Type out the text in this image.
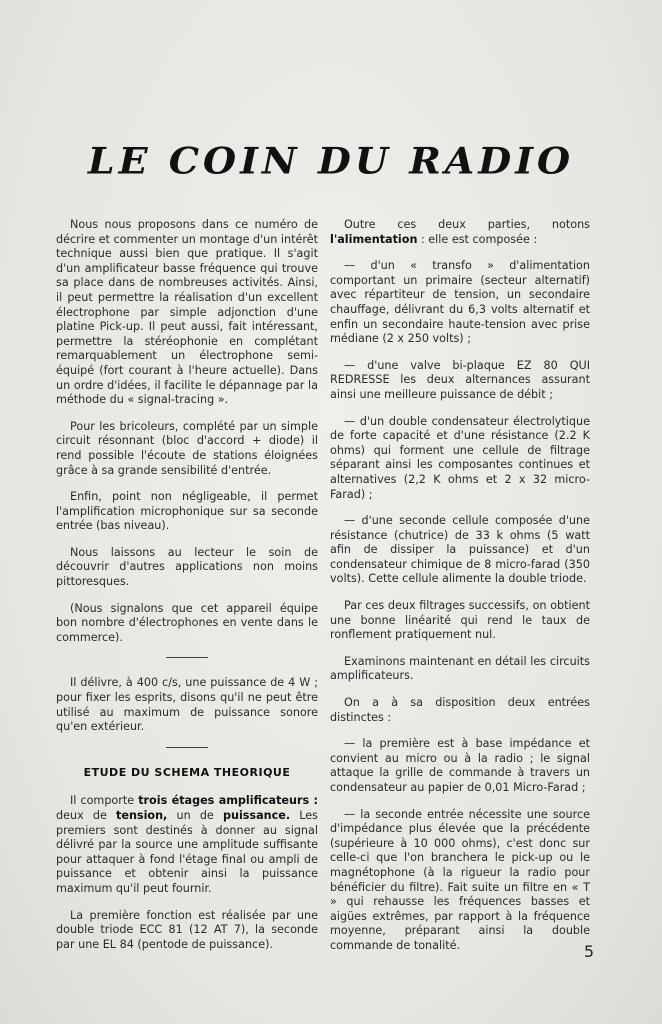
LE COIN DU RADIO

Nous nous proposons dans ce numéro de décrire et commenter un montage d'un intérêt technique aussi bien que pratique. Il s'agit d'un amplificateur basse fréquence qui trouve sa place dans de nombreuses activités. Ainsi, il peut permettre la réalisation d'un excellent électrophone par simple adjonction d'une platine Pick-up. Il peut aussi, fait intéressant, permettre la stéréophonie en complétant remarquablement un électrophone semi-équipé (fort courant à l'heure actuelle). Dans un ordre d'idées, il facilite le dépannage par la méthode du « signal-tracing ».

Pour les bricoleurs, complété par un simple circuit résonnant (bloc d'accord + diode) il rend possible l'écoute de stations éloignées grâce à sa grande sensibilité d'entrée.

Enfin, point non négligeable, il permet l'amplification microphonique sur sa seconde entrée (bas niveau).

Nous laissons au lecteur le soin de découvrir d'autres applications non moins pittoresques.

(Nous signalons que cet appareil équipe bon nombre d'électrophones en vente dans le commerce).

Il délivre, à 400 c/s, une puissance de 4 W ; pour fixer les esprits, disons qu'il ne peut être utilisé au maximum de puissance sonore qu'en extérieur.

ETUDE DU SCHEMA THEORIQUE

Il comporte trois étages amplificateurs : deux de tension, un de puissance. Les premiers sont destinés à donner au signal délivré par la source une amplitude suffisante pour attaquer à fond l'étage final ou ampli de puissance et obtenir ainsi la puissance maximum qu'il peut fournir.

La première fonction est réalisée par une double triode ECC 81 (12 AT 7), la seconde par une EL 84 (pentode de puissance).

Outre ces deux parties, notons l'alimentation : elle est composée :

— d'un « transfo » d'alimentation comportant un primaire (secteur alternatif) avec répartiteur de tension, un secondaire chauffage, délivrant du 6,3 volts alternatif et enfin un secondaire haute-tension avec prise médiane (2 x 250 volts) ;

— d'une valve bi-plaque EZ 80 QUI REDRESSE les deux alternances assurant ainsi une meilleure puissance de débit ;

— d'un double condensateur électrolytique de forte capacité et d'une résistance (2.2 K ohms) qui forment une cellule de filtrage séparant ainsi les composantes continues et alternatives (2,2 K ohms et 2 x 32 micro-Farad) ;

— d'une seconde cellule composée d'une résistance (chutrice) de 33 k ohms (5 watt afin de dissiper la puissance) et d'un condensateur chimique de 8 micro-farad (350 volts). Cette cellule alimente la double triode.

Par ces deux filtrages successifs, on obtient une bonne linéarité qui rend le taux de ronflement pratiquement nul.

Examinons maintenant en détail les circuits amplificateurs.

On a à sa disposition deux entrées distinctes :

— la première est à base impédance et convient au micro ou à la radio ; le signal attaque la grille de commande à travers un condensateur au papier de 0,01 Micro-Farad ;

— la seconde entrée nécessite une source d'impédance plus élevée que la précédente (supérieure à 10 000 ohms), c'est donc sur celle-ci que l'on branchera le pick-up ou le magnétophone (à la rigueur la radio pour bénéficier du filtre). Fait suite un filtre en « T » qui rehausse les fréquences basses et aigües extrêmes, par rapport à la fréquence moyenne, préparant ainsi la double commande de tonalité.	5
